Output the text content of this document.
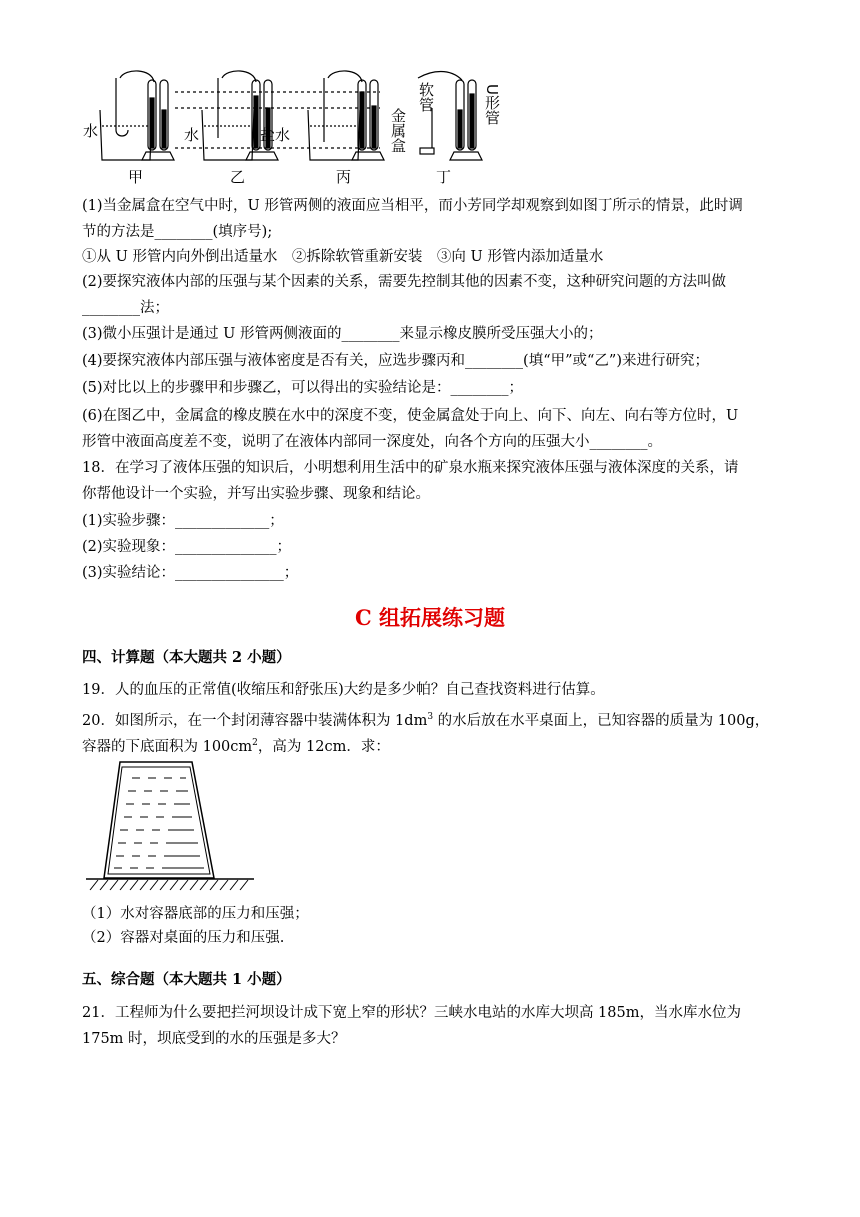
水	水	盐水
甲	乙	丙	丁
软管
金属盒
U形管
(1)当金属盒在空气中时，U 形管两侧的液面应当相平，而小芳同学却观察到如图丁所示的情景，此时调
节的方法是________(填序号);
①从 U 形管内向外倒出适量水　②拆除软管重新安装　③向 U 形管内添加适量水
(2)要探究液体内部的压强与某个因素的关系，需要先控制其他的因素不变，这种研究问题的方法叫做
________法；
(3)微小压强计是通过 U 形管两侧液面的________来显示橡皮膜所受压强大小的；
(4)要探究液体内部压强与液体密度是否有关，应选步骤丙和________(填“甲”或“乙”)来进行研究；
(5)对比以上的步骤甲和步骤乙，可以得出的实验结论是：________；
(6)在图乙中，金属盒的橡皮膜在水中的深度不变，使金属盒处于向上、向下、向左、向右等方位时，U
形管中液面高度差不变，说明了在液体内部同一深度处，向各个方向的压强大小________。
18．在学习了液体压强的知识后，小明想利用生活中的矿泉水瓶来探究液体压强与液体深度的关系，请
你帮他设计一个实验，并写出实验步骤、现象和结论。
(1)实验步骤：_____________；
(2)实验现象：______________；
(3)实验结论：_______________；
C 组拓展练习题
四、计算题（本大题共 2 小题）
19．人的血压的正常值(收缩压和舒张压)大约是多少帕？自己查找资料进行估算。
20．如图所示，在一个封闭薄容器中装满体积为 $1dm^3$ 的水后放在水平桌面上，已知容器的质量为 100g，
容器的下底面积为 $100cm^2$，高为 12cm．求：
（1）水对容器底部的压力和压强；
（2）容器对桌面的压力和压强.
五、综合题（本大题共 1 小题）
21．工程师为什么要把拦河坝设计成下宽上窄的形状？三峡水电站的水库大坝高 185m，当水库水位为
175m 时，坝底受到的水的压强是多大？
